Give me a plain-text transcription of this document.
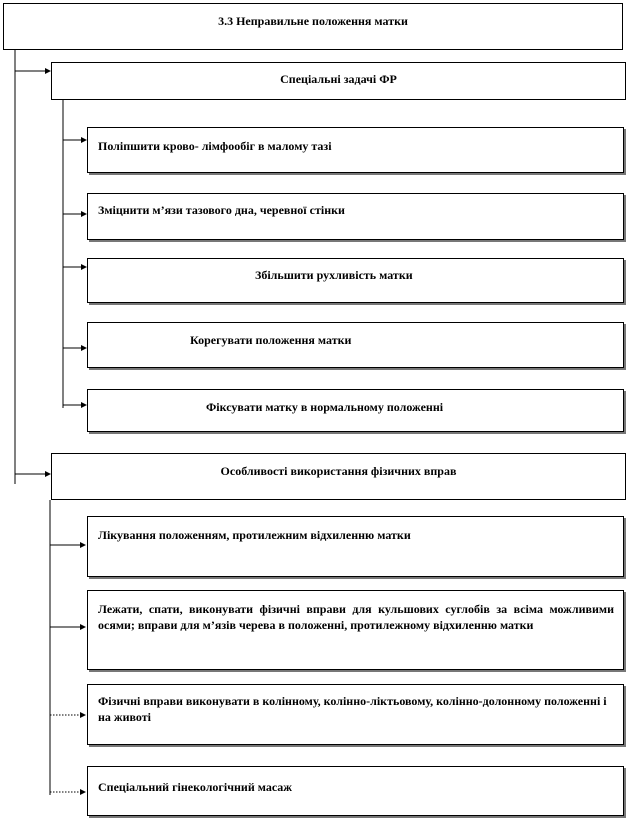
3.3 Неправильне положення матки
Спеціальні задачі ФР
Поліпшити крово- лімфообіг в малому тазі
Зміцнити м’язи тазового дна, черевної стінки
Збільшити рухливість матки
Корегувати положення матки
Фіксувати матку в нормальному положенні
Особливості використання фізичних вправ
Лікування положенням, протилежним відхиленню матки
Лежати, спати, виконувати фізичні вправи для кульшових суглобів за всіма можливими осями; вправи для м’язів черева в положенні, протилежному відхиленню матки
Фізичні вправи виконувати в колінному, колінно-ліктьовому, колінно-долонному положенні і на животі
Спеціальний гінекологічний масаж
